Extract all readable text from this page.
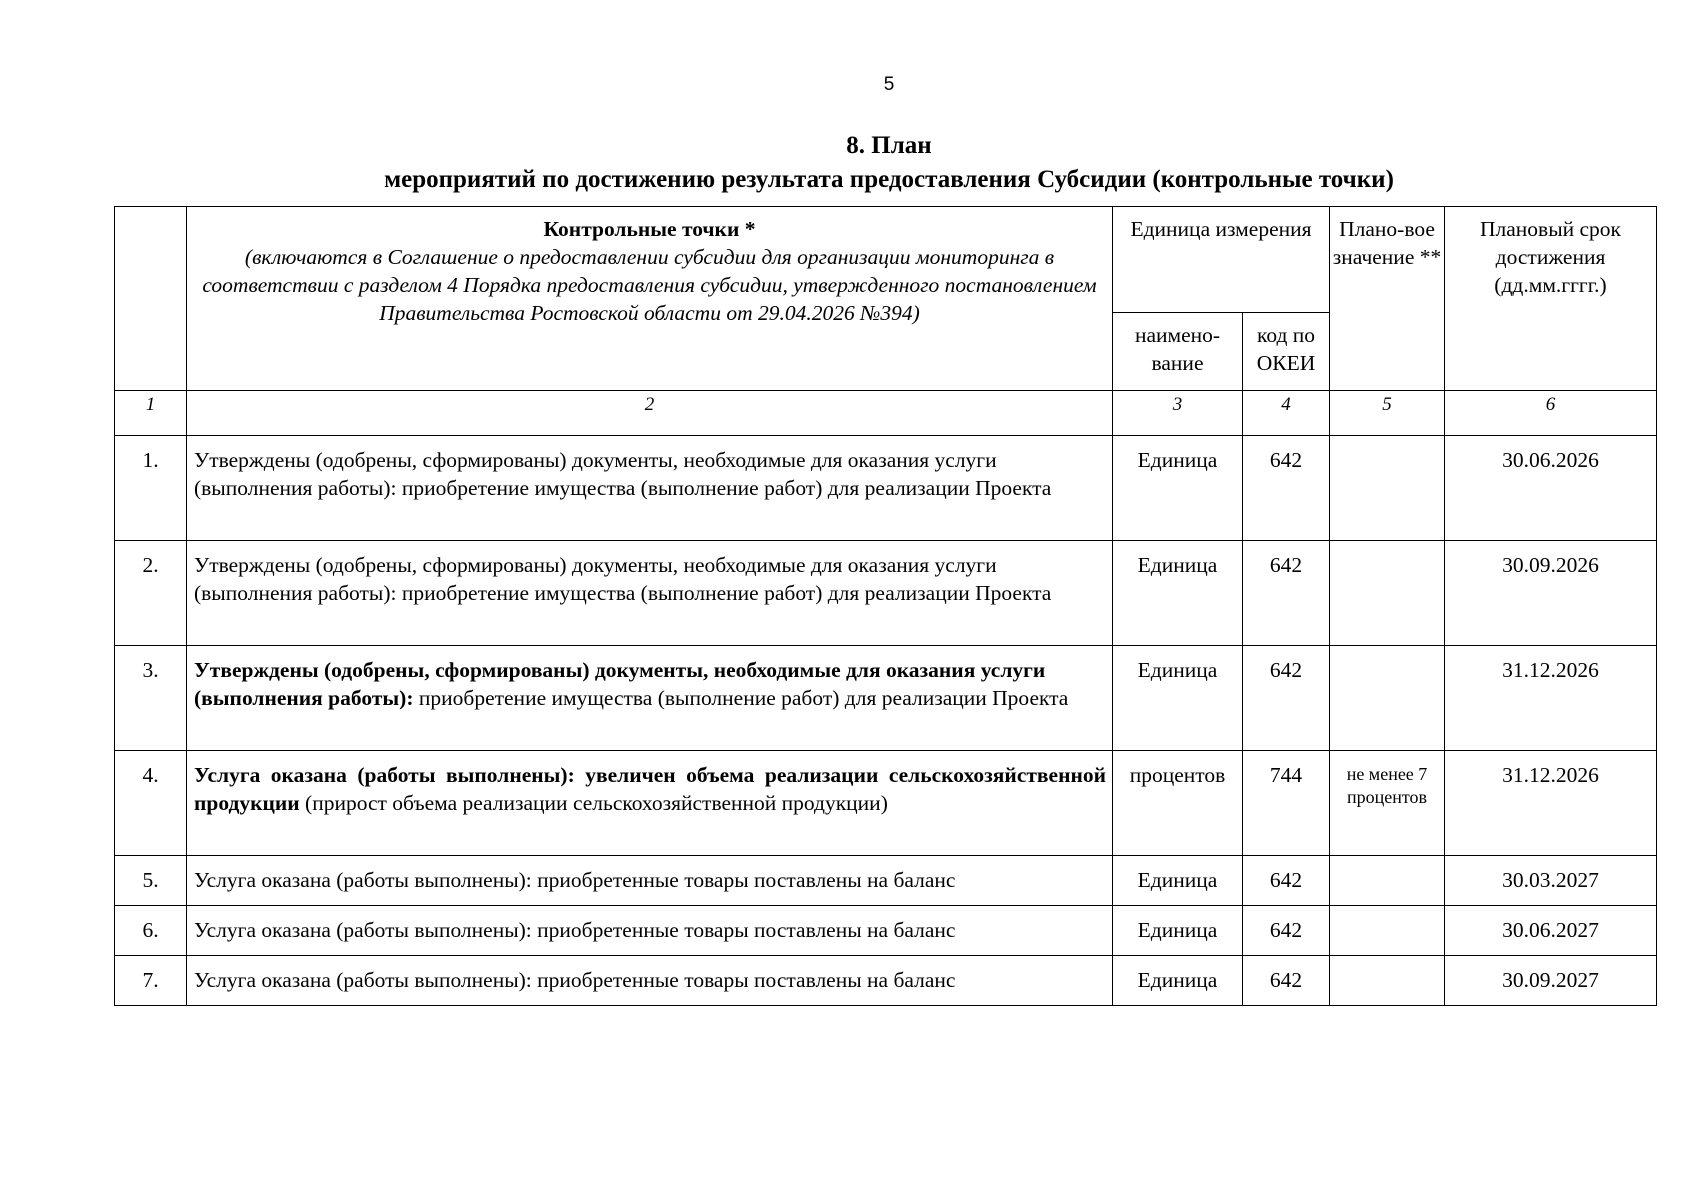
5
8. План
мероприятий по достижению результата предоставления Субсидии (контрольные точки)

	Контрольные точки *
(включаются в Соглашение о предоставлении субсидии для организации мониторинга в соответствии с разделом 4 Порядка предоставления субсидии, утвержденного постановлением Правительства Ростовской области от 29.04.2026 №394)	Единица измерения		Плано-вое значение **	Плановый срок достижения (дд.мм.гггг.)
		наимено-вание	код по ОКЕИ		
1	2	3	4	5	6
1.	Утверждены (одобрены, сформированы) документы, необходимые для оказания услуги (выполнения работы): приобретение имущества (выполнение работ) для реализации Проекта	Единица	642		30.06.2026
2.	Утверждены (одобрены, сформированы) документы, необходимые для оказания услуги (выполнения работы): приобретение имущества (выполнение работ) для реализации Проекта	Единица	642		30.09.2026
3.	Утверждены (одобрены, сформированы) документы, необходимые для оказания услуги (выполнения работы): приобретение имущества (выполнение работ) для реализации Проекта	Единица	642		31.12.2026
4.	Услуга оказана (работы выполнены): увеличен объема реализации сельскохозяйственной продукции (прирост объема реализации сельскохозяйственной продукции)	процентов	744	не менее 7 процентов	31.12.2026
5.	Услуга оказана (работы выполнены): приобретенные товары поставлены на баланс	Единица	642		30.03.2027
6.	Услуга оказана (работы выполнены): приобретенные товары поставлены на баланс	Единица	642		30.06.2027
7.	Услуга оказана (работы выполнены): приобретенные товары поставлены на баланс	Единица	642		30.09.2027
